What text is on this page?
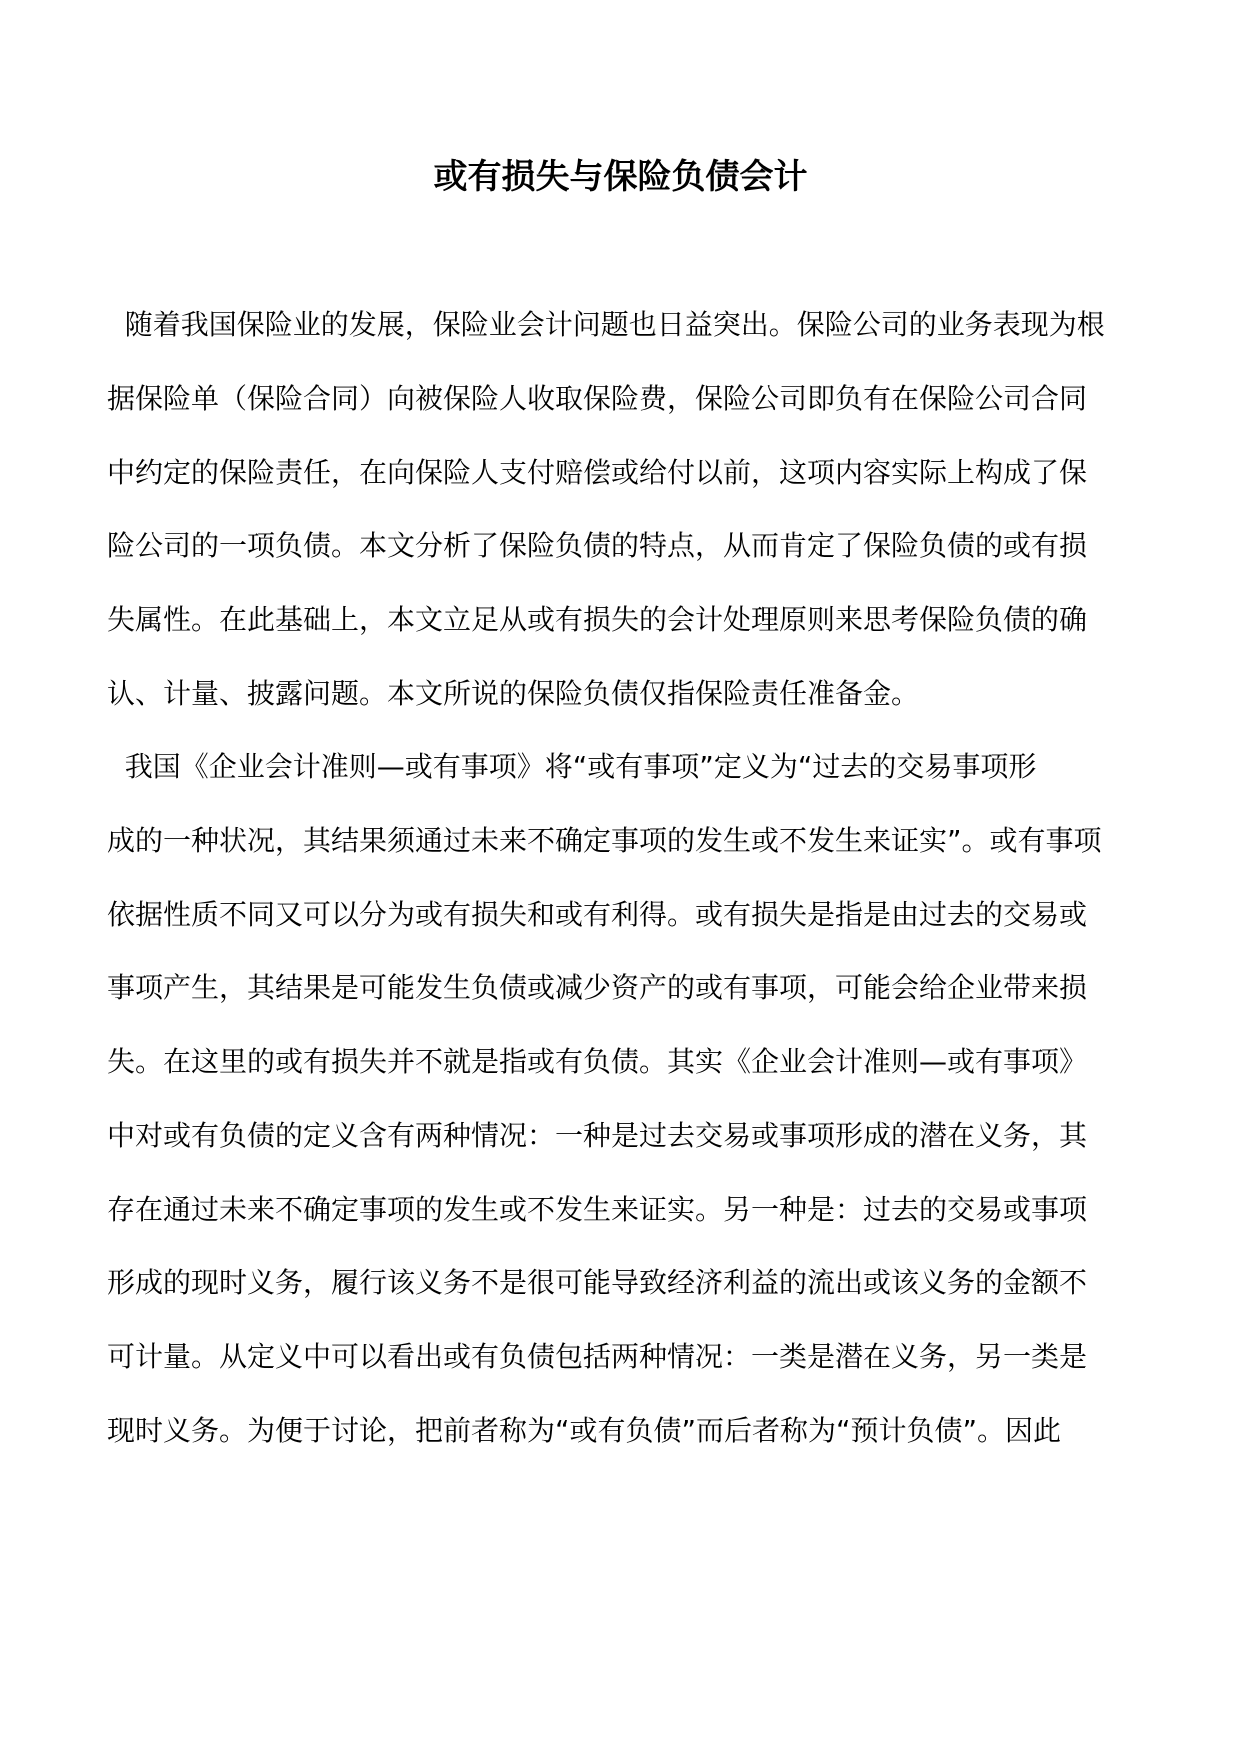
或有损失与保险负债会计

随着我国保险业的发展，保险业会计问题也日益突出。保险公司的业务表现为根

据保险单（保险合同）向被保险人收取保险费，保险公司即负有在保险公司合同

中约定的保险责任，在向保险人支付赔偿或给付以前，这项内容实际上构成了保

险公司的一项负债。本文分析了保险负债的特点，从而肯定了保险负债的或有损

失属性。在此基础上，本文立足从或有损失的会计处理原则来思考保险负债的确

认、计量、披露问题。本文所说的保险负债仅指保险责任准备金。

我国《企业会计准则—或有事项》将“或有事项”定义为“过去的交易事项形

成的一种状况，其结果须通过未来不确定事项的发生或不发生来证实”。或有事项

依据性质不同又可以分为或有损失和或有利得。或有损失是指是由过去的交易或

事项产生，其结果是可能发生负债或减少资产的或有事项，可能会给企业带来损

失。在这里的或有损失并不就是指或有负债。其实《企业会计准则—或有事项》

中对或有负债的定义含有两种情况：一种是过去交易或事项形成的潜在义务，其

存在通过未来不确定事项的发生或不发生来证实。另一种是：过去的交易或事项

形成的现时义务，履行该义务不是很可能导致经济利益的流出或该义务的金额不

可计量。从定义中可以看出或有负债包括两种情况：一类是潜在义务，另一类是

现时义务。为便于讨论，把前者称为“或有负债”而后者称为“预计负债”。因此
